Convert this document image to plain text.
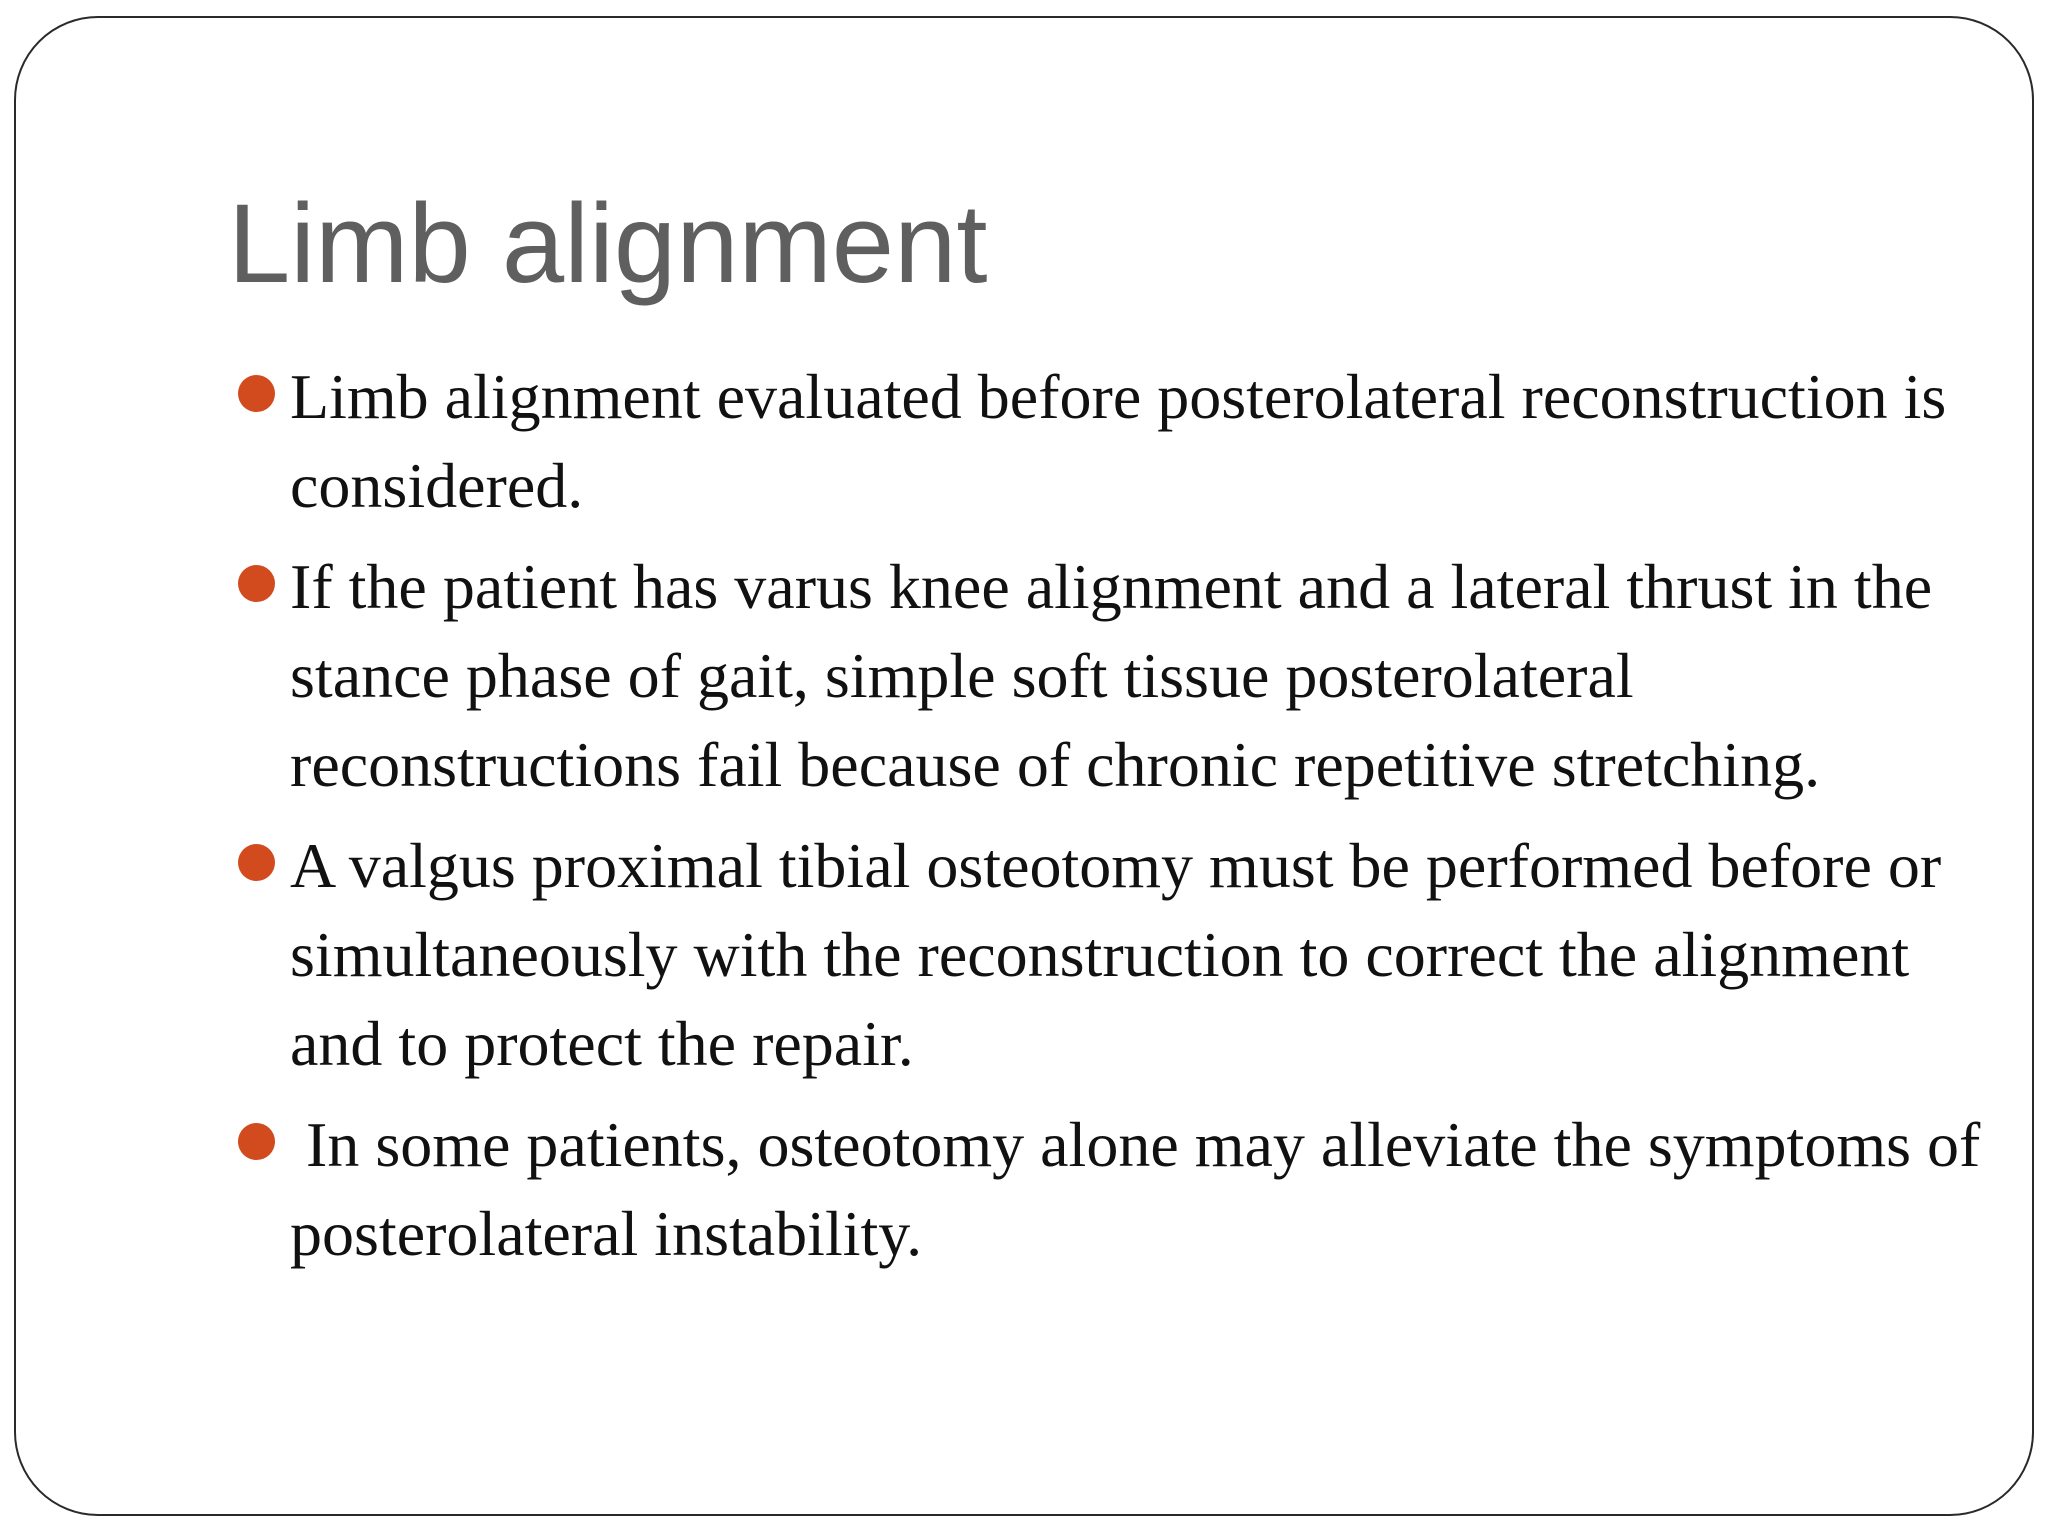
Limb alignment
Limb alignment evaluated before posterolateral reconstruction is considered.
If the patient has varus knee alignment and a lateral thrust in the stance phase of gait, simple soft tissue posterolateral reconstructions fail because of chronic repetitive stretching.
A valgus proximal tibial osteotomy must be performed before or simultaneously with the reconstruction to correct the alignment and to protect the repair.
In some patients, osteotomy alone may alleviate the symptoms of posterolateral instability.
